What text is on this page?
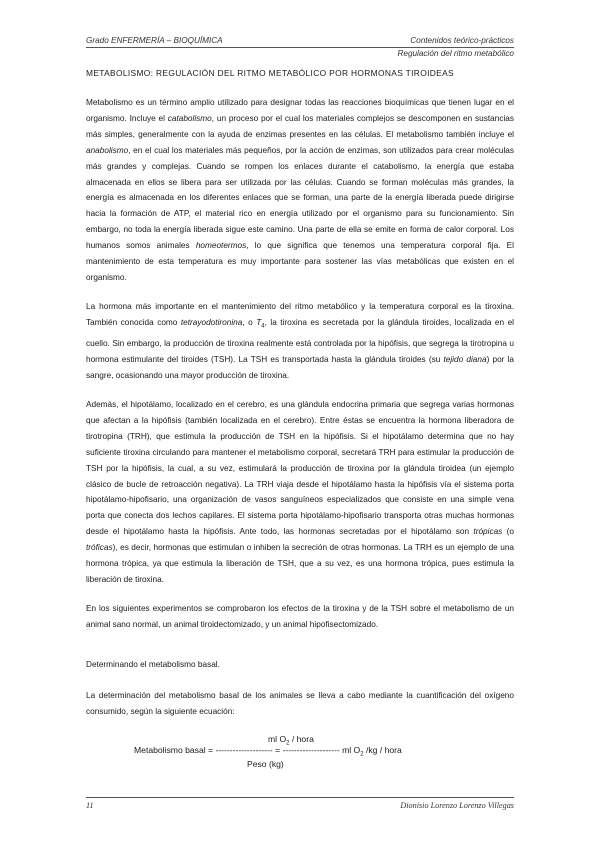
Grado ENFERMERÍA – BIOQUÍMICA	Contenidos teórico-prácticos
Regulación del ritmo metabólico
METABOLISMO: REGULACIÓN DEL RITMO METABÓLICO POR HORMONAS TIROIDEAS

Metabolismo es un término amplio utilizado para designar todas las reacciones bioquímicas que tienen lugar en el organismo. Incluye el catabolismo, un proceso por el cual los materiales complejos se descomponen en sustancias más simples, generalmente con la ayuda de enzimas presentes en las células. El metabolismo también incluye el anabolismo, en el cual los materiales más pequeños, por la acción de enzimas, son utilizados para crear moléculas más grandes y complejas. Cuando se rompen los enlaces durante el catabolismo, la energía que estaba almacenada en ellos se libera para ser utilizada por las células. Cuando se forman moléculas más grandes, la energía es almacenada en los diferentes enlaces que se forman, una parte de la energía liberada puede dirigirse hacia la formación de ATP, el material rico en energía utilizado por el organismo para su funcionamiento. Sin embargo, no toda la energía liberada sigue este camino. Una parte de ella se emite en forma de calor corporal. Los humanos somos animales homeotermos, lo que significa que tenemos una temperatura corporal fija. El mantenimiento de esta temperatura es muy importante para sostener las vías metabólicas que existen en el organismo.

La hormona más importante en el mantenimiento del ritmo metabólico y la temperatura corporal es la tiroxina. También conocida como tetrayodotironina, o $T_4$, la tiroxina es secretada por la glándula tiroides, localizada en el cuello. Sin embargo, la producción de tiroxina realmente está controlada por la hipófisis, que segrega la tirotropina u hormona estimulante del tiroides (TSH). La TSH es transportada hasta la glándula tiroides (su tejido diana) por la sangre, ocasionando una mayor producción de tiroxina.

Además, el hipotálamo, localizado en el cerebro, es una glándula endocrina primaria que segrega varias hormonas que afectan a la hipófisis (también localizada en el cerebro). Entre éstas se encuentra la hormona liberadora de tirotropina (TRH), que estimula la producción de TSH en la hipófisis. Si el hipotálamo determina que no hay suficiente tiroxina circulando para mantener el metabolismo corporal, secretará TRH para estimular la producción de TSH por la hipófisis, la cual, a su vez, estimulará la producción de tiroxina por la glándula tiroidea (un ejemplo clásico de bucle de retroacción negativa). La TRH viaja desde el hipotálamo hasta la hipófisis vía el sistema porta hipotálamo-hipofisario, una organización de vasos sanguíneos especializados que consiste en una simple vena porta que conecta dos lechos capilares. El sistema porta hipotálamo-hipofisario transporta otras muchas hormonas desde el hipotálamo hasta la hipófisis. Ante todo, las hormonas secretadas por el hipotálamo son trópicas (o tróficas), es decir, hormonas que estimulan o inhiben la secreción de otras hormonas. La TRH es un ejemplo de una hormona trópica, ya que estimula la liberación de TSH, que a su vez, es una hormona trópica, pues estimula la liberación de tiroxina.

En los siguientes experimentos se comprobaron los efectos de la tiroxina y de la TSH sobre el metabolismo de un animal sano normal, un animal tiroidectomizado, y un animal hipofisectomizado.

Determinando el metabolismo basal.
La determinación del metabolismo basal de los animales se lleva a cabo mediante la cuantificación del oxígeno consumido, según la siguiente ecuación:
ml $O_2$ / hora
Metabolismo basal = -------------------- = -------------------- ml $O_2$ /kg / hora
Peso (kg)
11	Dionisio Lorenzo Lorenzo Villegas
